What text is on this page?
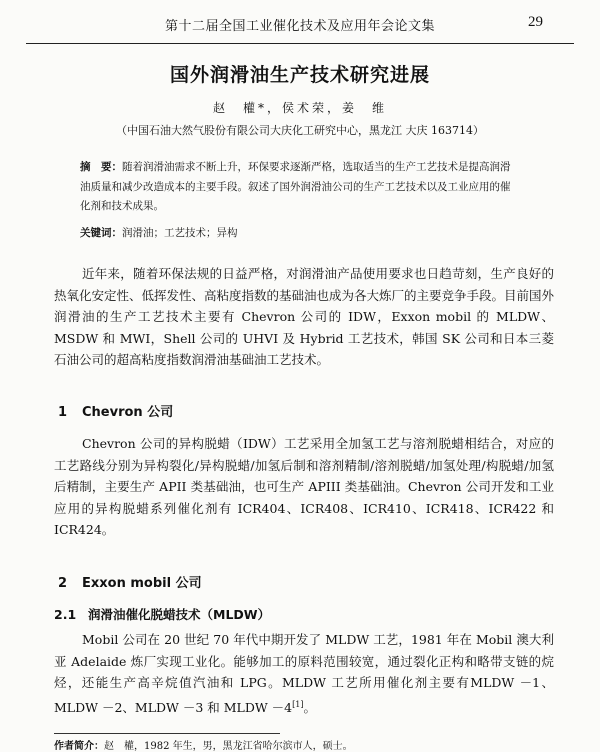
第十二届全国工业催化技术及应用年会论文集	29
国外润滑油生产技术研究进展
赵　權*，侯术荣，姜　维
（中国石油大然气股份有限公司大庆化工研究中心，黑龙江 大庆 163714）
摘　要：随着润滑油需求不断上升，环保要求逐渐严格，选取适当的生产工艺技术是提高润滑油质量和减少改造成本的主要手段。叙述了国外润滑油公司的生产工艺技术以及工业应用的催化剂和技术成果。
关键词：润滑油；工艺技术；异构

近年来，随着环保法规的日益严格，对润滑油产品使用要求也日趋苛刻，生产良好的热氧化安定性、低挥发性、高粘度指数的基础油也成为各大炼厂的主要竞争手段。目前国外润滑油的生产工艺技术主要有 Chevron 公司的 IDW，Exxon mobil 的 MLDW、MSDW 和 MWI，Shell 公司的 UHVI 及 Hybrid 工艺技术，韩国 SK 公司和日本三菱石油公司的超高粘度指数润滑油基础油工艺技术。

1 Chevron 公司

Chevron 公司的异构脱蜡（IDW）工艺采用全加氢工艺与溶剂脱蜡相结合，对应的工艺路线分别为异构裂化/异构脱蜡/加氢后制和溶剂精制/溶剂脱蜡/加氢处理/构脱蜡/加氢后精制，主要生产 APII 类基础油，也可生产 APIII 类基础油。Chevron 公司开发和工业应用的异构脱蜡系列催化剂有 ICR404、ICR408、ICR410、ICR418、ICR422 和 ICR424。

2 Exxon mobil 公司
2.1 润滑油催化脱蜡技术（MLDW）

Mobil 公司在 20 世纪 70 年代中期开发了 MLDW 工艺，1981 年在 Mobil 澳大利亚 Adelaide 炼厂实现工业化。能够加工的原料范围较宽，通过裂化正构和略带支链的烷烃，还能生产高辛烷值汽油和 LPG。MLDW 工艺所用催化剂主要有MLDW －1、MLDW －2、MLDW －3 和 MLDW －4[1]。

作者简介：赵　權，1982 年生，男，黑龙江省哈尔滨市人，硕士。
